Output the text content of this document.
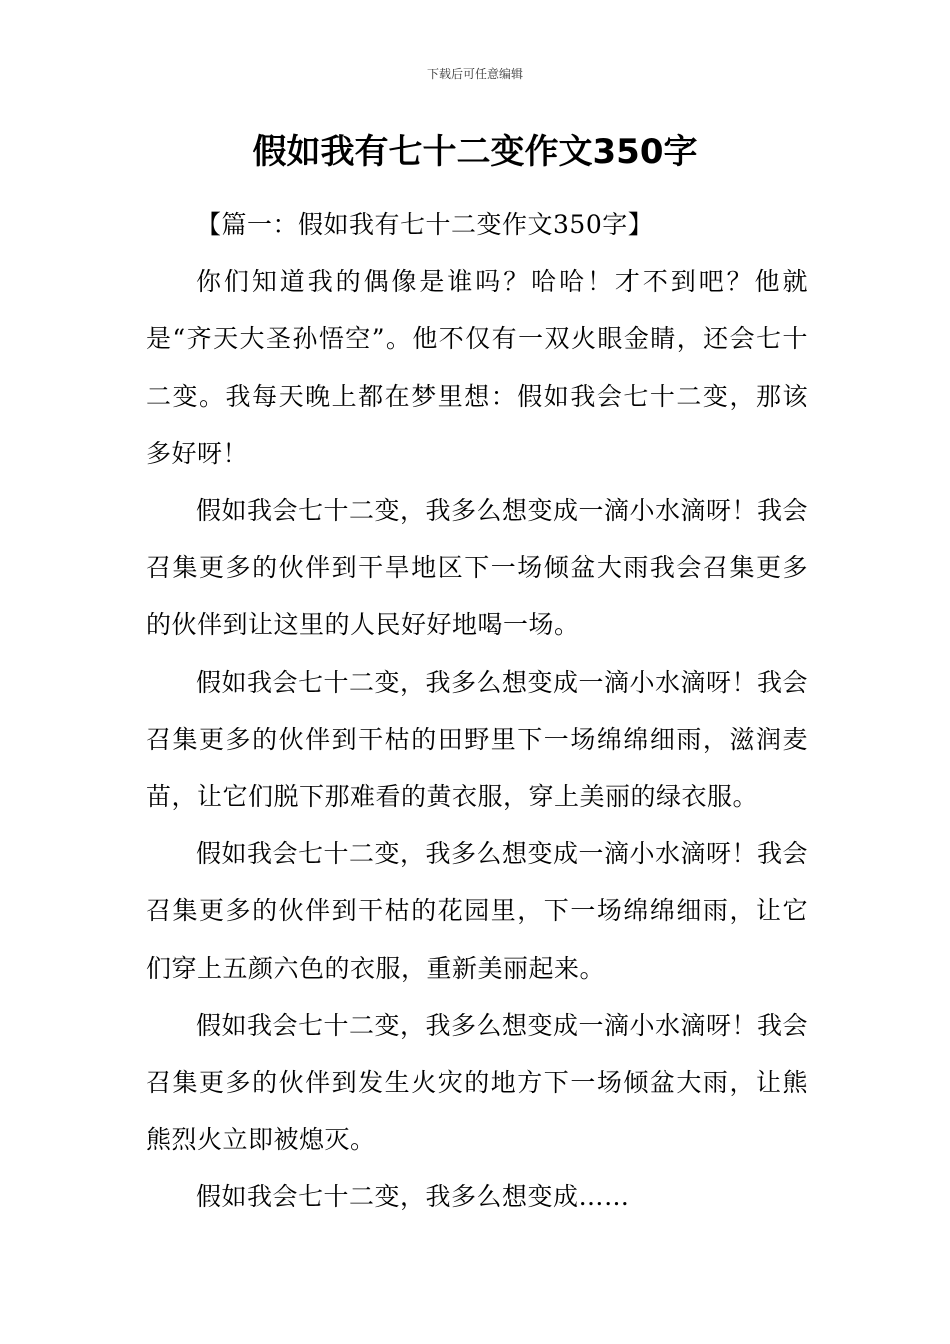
下载后可任意编辑
假如我有七十二变作文350字

【篇一：假如我有七十二变作文350字】

你们知道我的偶像是谁吗？哈哈！才不到吧？他就是“齐天大圣孙悟空”。他不仅有一双火眼金睛，还会七十二变。我每天晚上都在梦里想：假如我会七十二变，那该多好呀！

假如我会七十二变，我多么想变成一滴小水滴呀！我会召集更多的伙伴到干旱地区下一场倾盆大雨我会召集更多的伙伴到让这里的人民好好地喝一场。

假如我会七十二变，我多么想变成一滴小水滴呀！我会召集更多的伙伴到干枯的田野里下一场绵绵细雨，滋润麦苗，让它们脱下那难看的黄衣服，穿上美丽的绿衣服。

假如我会七十二变，我多么想变成一滴小水滴呀！我会召集更多的伙伴到干枯的花园里，下一场绵绵细雨，让它们穿上五颜六色的衣服，重新美丽起来。

假如我会七十二变，我多么想变成一滴小水滴呀！我会召集更多的伙伴到发生火灾的地方下一场倾盆大雨，让熊熊烈火立即被熄灭。

假如我会七十二变，我多么想变成……
